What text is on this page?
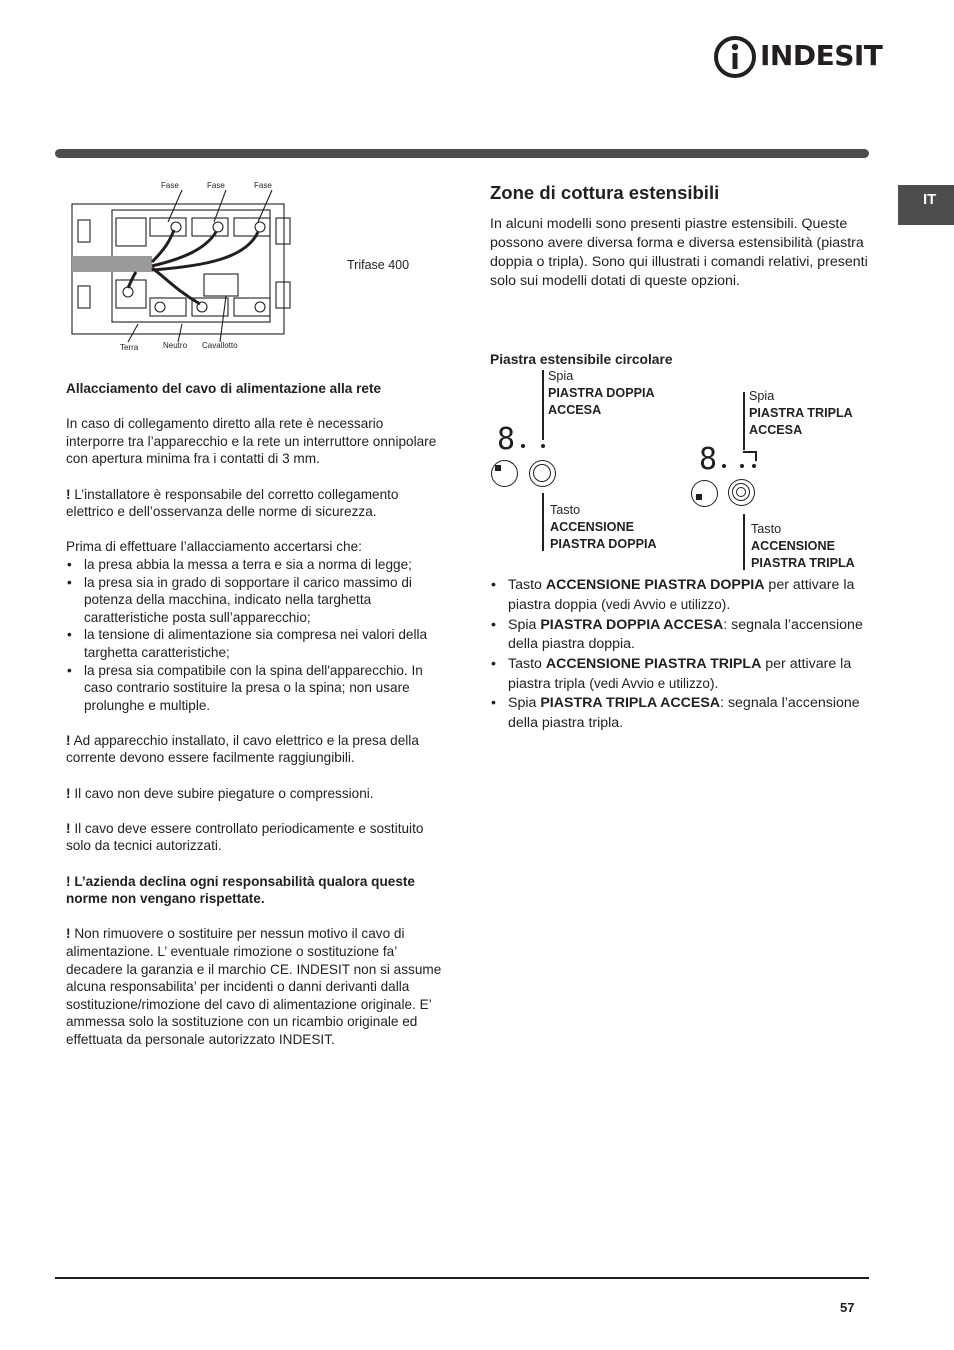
INDESIT
IT
Fase	Fase	Fase
Terra	Neutro Cavallotto
Trifase 400

Allacciamento del cavo di alimentazione alla rete

In caso di collegamento diretto alla rete è necessario interporre tra l’apparecchio e la rete un interruttore onnipolare con apertura minima fra i contatti di 3 mm.

! L’installatore è responsabile del corretto collegamento elettrico e dell’osservanza delle norme di sicurezza.

Prima di effettuare l’allacciamento accertarsi che:

• la presa abbia la messa a terra e sia a norma di legge;
• la presa sia in grado di sopportare il carico massimo di potenza della macchina, indicato nella targhetta caratteristiche posta sull’apparecchio;
• la tensione di alimentazione sia compresa nei valori della targhetta caratteristiche;
• la presa sia compatibile con la spina dell'apparecchio. In caso contrario sostituire la presa o la spina; non usare prolunghe e multiple.

! Ad apparecchio installato, il cavo elettrico e la presa della corrente devono essere facilmente raggiungibili.

! Il cavo non deve subire piegature o compressioni.

! Il cavo deve essere controllato periodicamente e sostituito solo da tecnici autorizzati.

! L’azienda declina ogni responsabilità qualora queste norme non vengano rispettate.

! Non rimuovere o sostituire per nessun motivo il cavo di alimentazione. L’ eventuale rimozione o sostituzione fa’ decadere la garanzia e il marchio CE. INDESIT non si assume alcuna responsabilita’ per incidenti o danni derivanti dalla sostituzione/rimozione del cavo di alimentazione originale. E’ ammessa solo la sostituzione con un ricambio originale ed effettuata da personale autorizzato INDESIT.

Zone di cottura estensibili
In alcuni modelli sono presenti piastre estensibili. Queste possono avere diversa forma e diversa estensibilità (piastra doppia o tripla). Sono qui illustrati i comandi relativi, presenti solo sui modelli dotati di queste opzioni.
Piastra estensibile circolare
Spia
PIASTRA DOPPIA
ACCESA
Spia
PIASTRA TRIPLA
ACCESA
8
Tasto
ACCENSIONE
PIASTRA DOPPIA
8
Tasto
ACCENSIONE
PIASTRA TRIPLA
• Tasto ACCENSIONE PIASTRA DOPPIA per attivare la piastra doppia (vedi Avvio e utilizzo).
• Spia PIASTRA DOPPIA ACCESA: segnala l’accensione della piastra doppia.
• Tasto ACCENSIONE PIASTRA TRIPLA per attivare la piastra tripla (vedi Avvio e utilizzo).
• Spia PIASTRA TRIPLA ACCESA: segnala l’accensione della piastra tripla.
57
